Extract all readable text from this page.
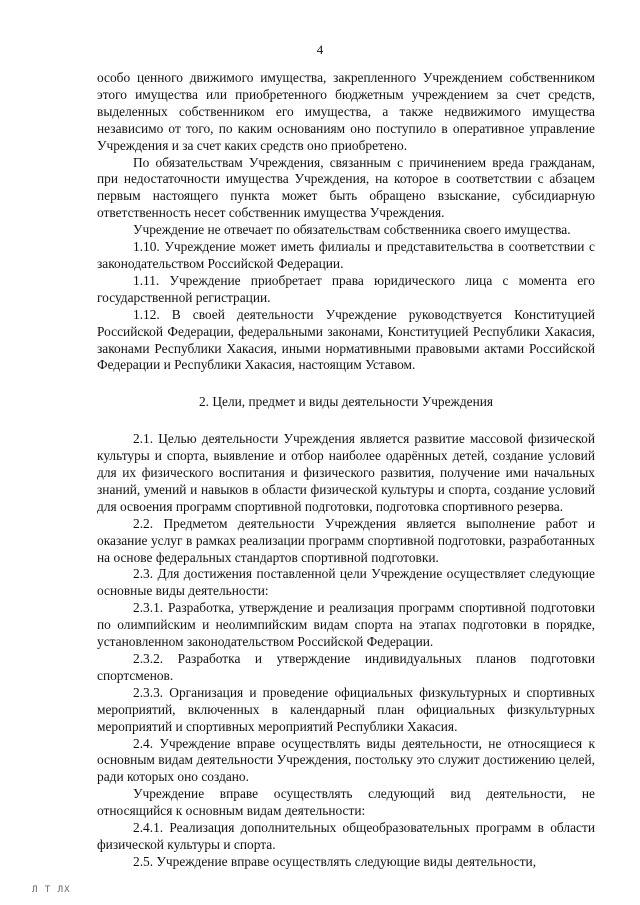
4

особо ценного движимого имущества, закрепленного Учреждением собственником этого имущества или приобретенного бюджетным учреждением за счет средств, выделенных собственником его имущества, а также недвижимого имущества независимо от того, по каким основаниям оно поступило в оперативное управление Учреждения и за счет каких средств оно приобретено.

По обязательствам Учреждения, связанным с причинением вреда гражданам, при недостаточности имущества Учреждения, на которое в соответствии с абзацем первым настоящего пункта может быть обращено взыскание, субсидиарную ответственность несет собственник имущества Учреждения.

Учреждение не отвечает по обязательствам собственника своего имущества.

1.10. Учреждение может иметь филиалы и представительства в соответствии с законодательством Российской Федерации.

1.11. Учреждение приобретает права юридического лица с момента его государственной регистрации.

1.12. В своей деятельности Учреждение руководствуется Конституцией Российской Федерации, федеральными законами, Конституцией Республики Хакасия, законами Республики Хакасия, иными нормативными правовыми актами Российской Федерации и Республики Хакасия, настоящим Уставом.

2. Цели, предмет и виды деятельности Учреждения

2.1. Целью деятельности Учреждения является развитие массовой физической культуры и спорта, выявление и отбор наиболее одарённых детей, создание условий для их физического воспитания и физического развития, получение ими начальных знаний, умений и навыков в области физической культуры и спорта, создание условий для освоения программ спортивной подготовки, подготовка спортивного резерва.

2.2. Предметом деятельности Учреждения является выполнение работ и оказание услуг в рамках реализации программ спортивной подготовки, разработанных на основе федеральных стандартов спортивной подготовки.

2.3. Для достижения поставленной цели Учреждение осуществляет следующие основные виды деятельности:

2.3.1. Разработка, утверждение и реализация программ спортивной подготовки по олимпийским и неолимпийским видам спорта на этапах подготовки в порядке, установленном законодательством Российской Федерации.

2.3.2. Разработка и утверждение индивидуальных планов подготовки спортсменов.

2.3.3. Организация и проведение официальных физкультурных и спортивных мероприятий, включенных в календарный план официальных физкультурных мероприятий и спортивных мероприятий Республики Хакасия.

2.4. Учреждение вправе осуществлять виды деятельности, не относящиеся к основным видам деятельности Учреждения, постольку это служит достижению целей, ради которых оно создано.

Учреждение вправе осуществлять следующий вид деятельности, не относящийся к основным видам деятельности:

2.4.1. Реализация дополнительных общеобразовательных программ в области физической культуры и спорта.

2.5. Учреждение вправе осуществлять следующие виды деятельности,

Л Т ЛХ
